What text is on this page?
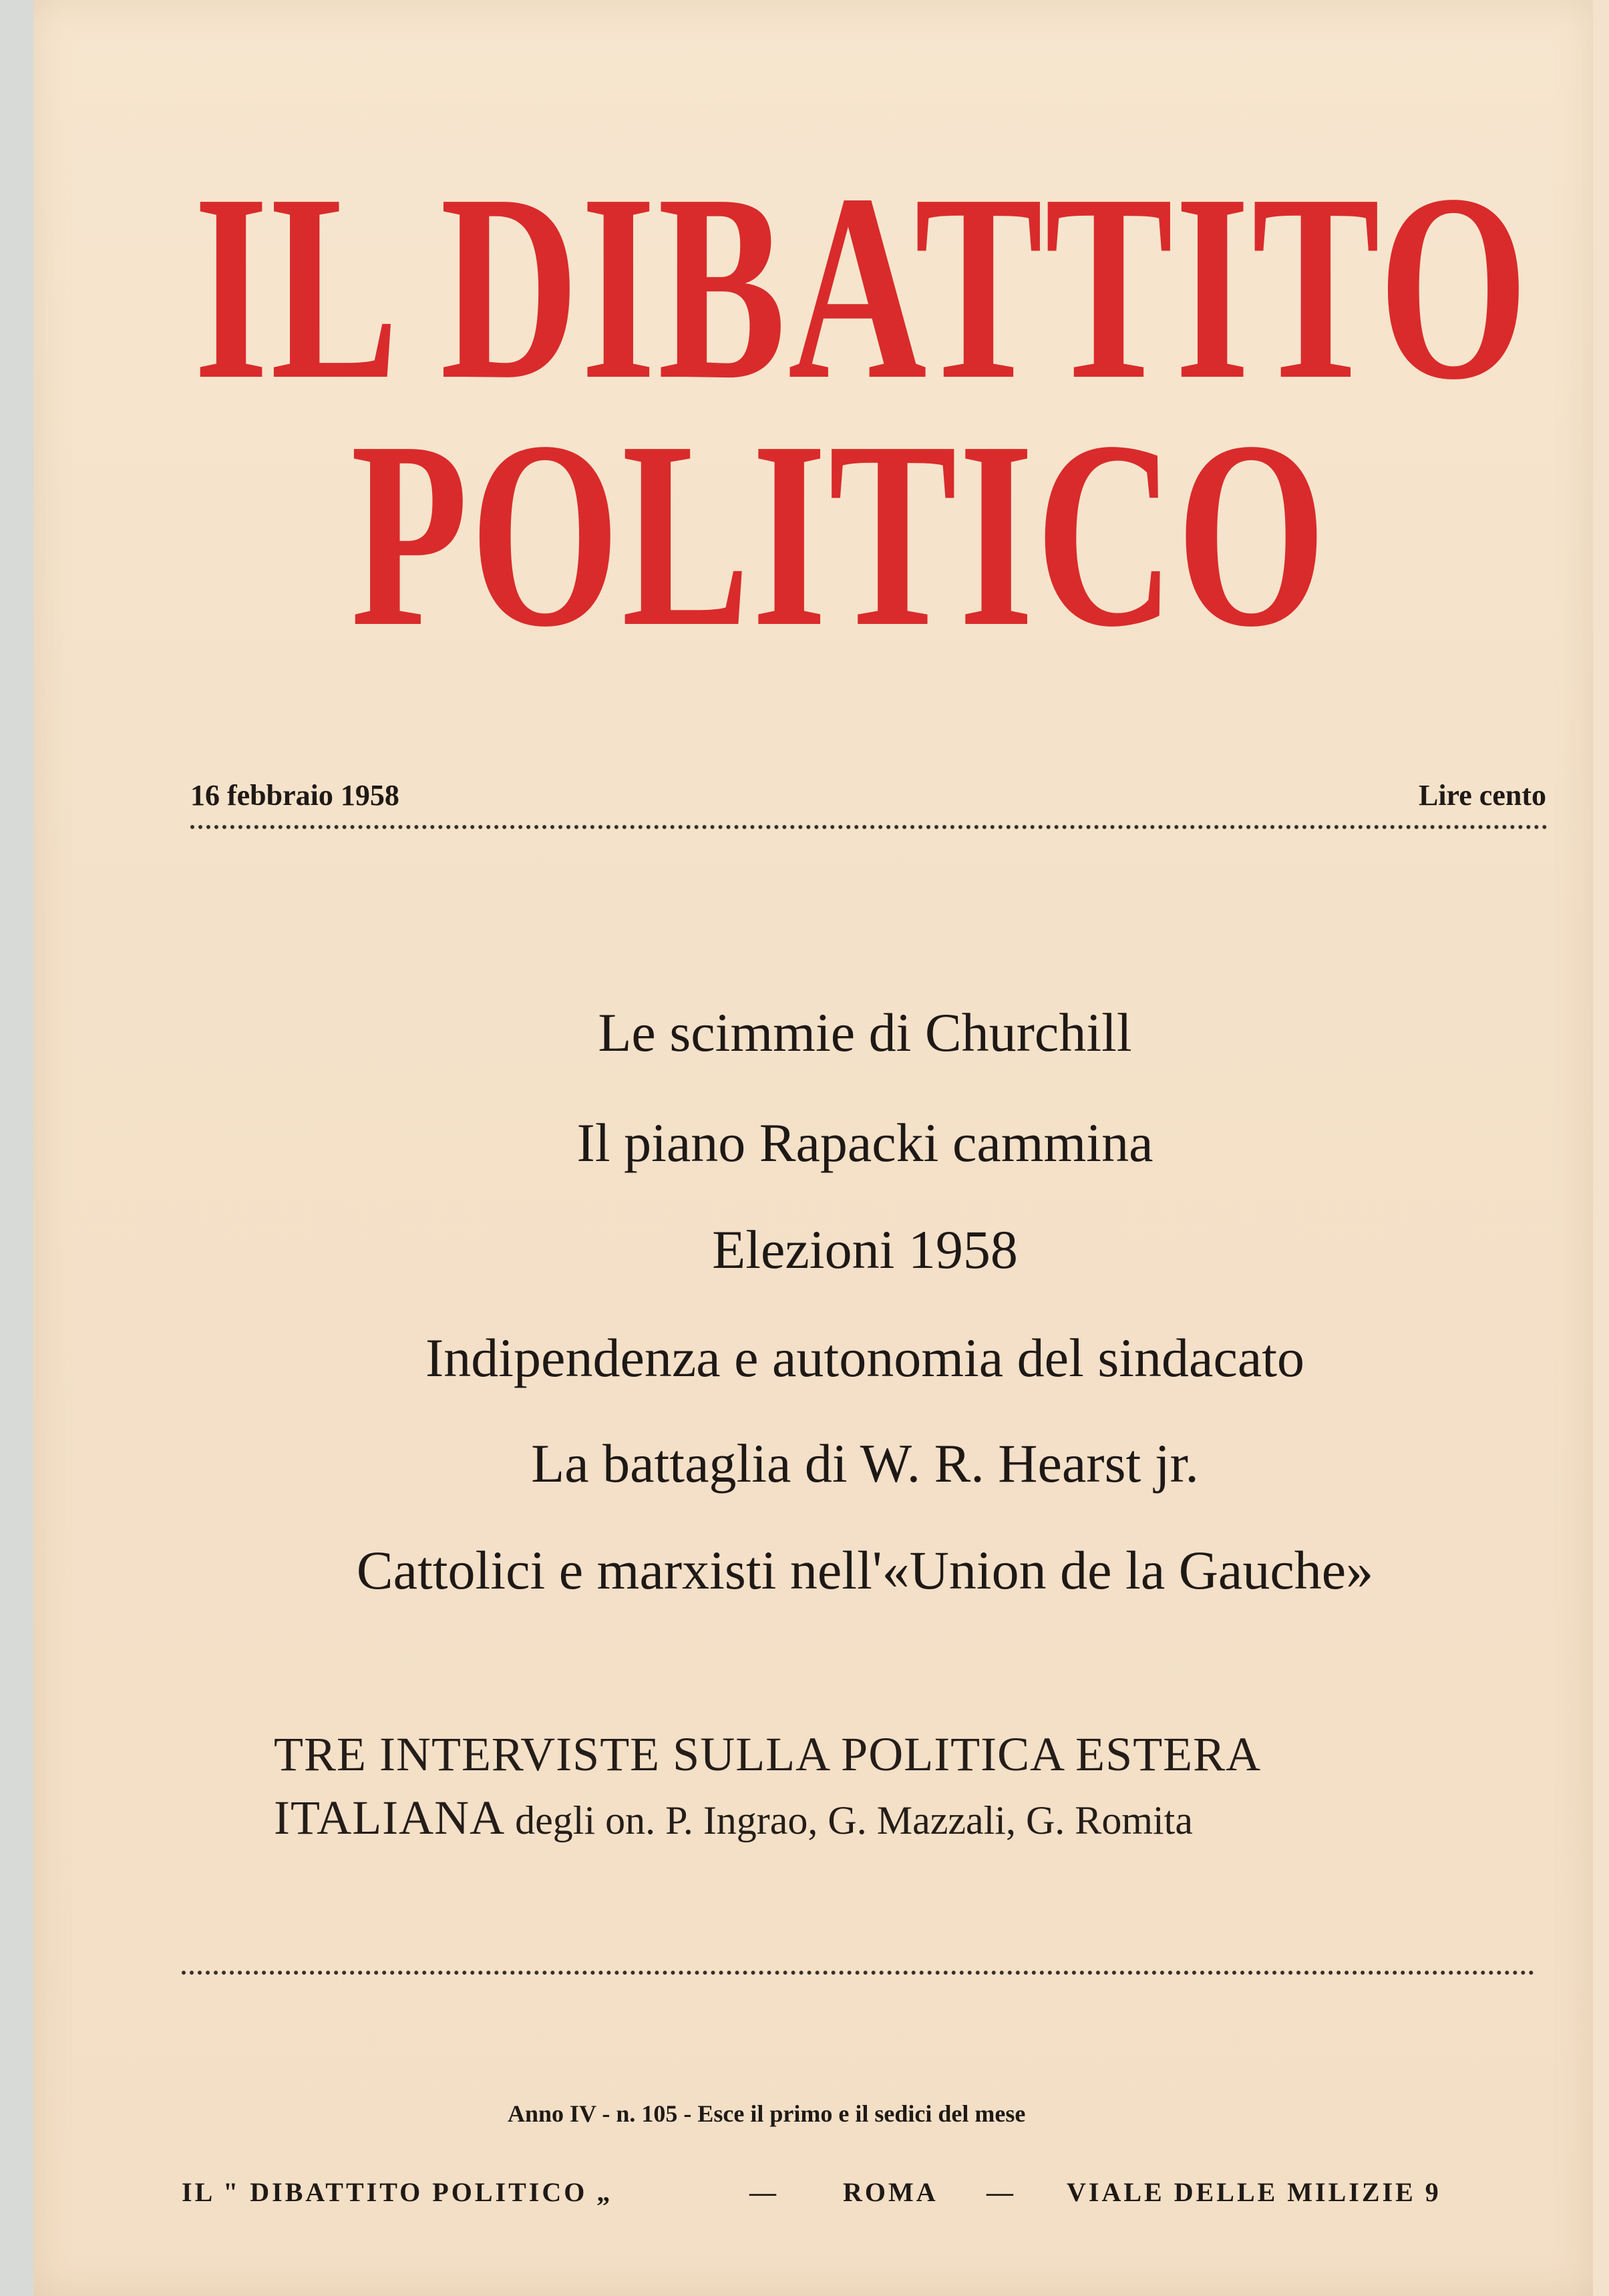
IL DIBATTITO
POLITICO
16 febbraio 1958	Lire cento
Le scimmie di Churchill
Il piano Rapacki cammina
Elezioni 1958
Indipendenza e autonomia del sindacato
La battaglia di W. R. Hearst jr.
Cattolici e marxisti nell'«Union de la Gauche»
TRE INTERVISTE SULLA POLITICA ESTERA
ITALIANA degli on. P. Ingrao, G. Mazzali, G. Romita
Anno IV - n. 105 - Esce il primo e il sedici del mese
IL " DIBATTITO POLITICO „	— ROMA — VIALE DELLE MILIZIE 9
